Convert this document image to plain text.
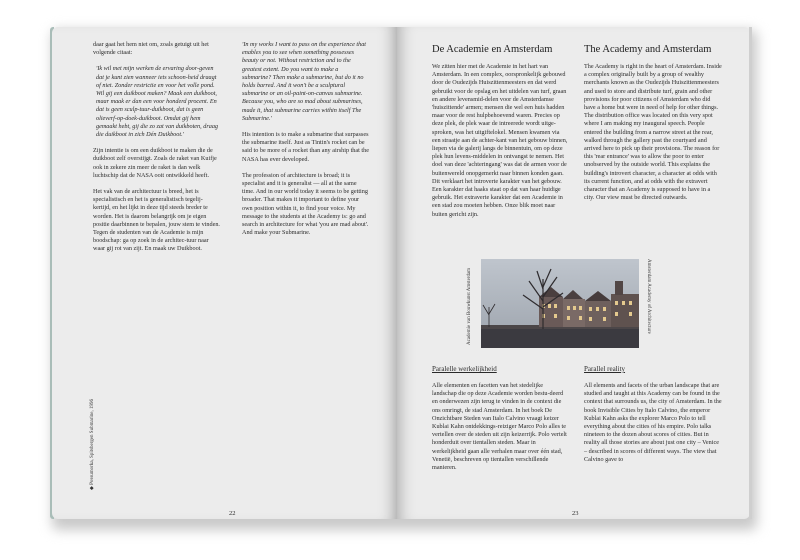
daar gaat het hem niet om, zoals getuigt uit het volgende citaat:

'Ik wil met mijn werken de ervaring door-geven dat je kunt zien wanneer iets schoon-heid draagt of niet. Zonder restrictie en voor het volle pond. Wil gij een duikboot maken? Maak een duikboot, maar maak er dan een voor honderd procent. En dat is geen sculp-tuur-duikboot, dat is geen olieverf-op-doek-duikboot. Omdat gij hem gemaakt hebt, gij die zo zat van duikboten, draag die duikboot in zich Dén Duikboot.'

Zijn intentie is om een duikboot te maken die de duikboot zelf overstijgt. Zoals de raket van Kuifje ook in zekere zin meer de raket is dan welk luchtschip dat de NASA ooit ontwikkeld heeft.

Het vak van de architectuur is breed, het is specialistisch en het is generalistisch tegelij-kertijd, en het lijkt in deze tijd steeds breder te worden. Het is daarom belangrijk om je eigen positie daarbinnen te bepalen, jouw stem te vinden. Tegen de studenten van de Academie is mijn boodschap: ga op zoek in de architec-tuur naar waar gij rot van zijt. En maak uw Duikboot.

'In my works I want to pass on the experience that enables you to see when something possesses beauty or not. Without restriction and to the greatest extent. Do you want to make a submarine? Then make a submarine, but do it no holds barred. And it won't be a sculptural submarine or an oil-paint-on-canvas submarine. Because you, who are so mad about submarines, made it, that submarine carries within itself The Submarine.'

His intention is to make a submarine that surpasses the submarine itself. Just as Tintin's rocket can be said to be more of a rocket than any airship that the NASA has ever developed.

The profession of architecture is broad; it is specialist and it is generalist — all at the same time. And in our world today it seems to be getting broader. That makes it important to define your own position within it, to find your voice. My message to the students at the Academy is: go and search in architecture for what 'you are mad about'. And make your Submarine.

◆ Possumorka, Spitsbergen Submarine, 1996
22
De Academie en Amsterdam	The Academy and Amsterdam

We zitten hier met de Academie in het hart van Amsterdam. In een complex, oorspronkelijk gebouwd door de Oudezijds Huiszittenmeesters en dat werd gebruikt voor de opslag en het uitdelen van turf, graan en andere levensmid-delen voor de Amsterdamse 'huiszittende' armen; mensen die wel een huis hadden maar voor de rest hulpbehoevend waren. Precies op deze plek, de plek waar de intreerede wordt uitge-sproken, was het uitgiftelokel. Mensen kwamen via een straatje aan de achter-kant van het gebouw binnen, liepen via de galerij langs de binnentuin, om op deze plek hun levens-middelen in ontvangst te nemen. Het doel van deze 'achteringang' was dat de armen voor de buitenwereld onopgemerkt naar binnen konden gaan. Dit verklaart het introverte karakter van het gebouw. Een karakter dat haaks staat op dat van haar huidige gebruik. Het extraverte karakter dat een Academie in een stad zou moeten hebben. Onze blik moet naar buiten gericht zijn.

The Academy is right in the heart of Amsterdam. Inside a complex originally built by a group of wealthy merchants known as the Oudezijds Huiszittenmeesters and used to store and distribute turf, grain and other provisions for poor citizens of Amsterdam who did have a home but were in need of help for other things. The distribution office was located on this very spot where I am making my inaugural speech. People entered the building from a narrow street at the rear, walked through the gallery past the courtyard and arrived here to pick up their provisions. The reason for this 'rear entrance' was to allow the poor to enter unobserved by the outside world. This explains the building's introvert character, a character at odds with its current function, and at odds with the extravert character that an Academy is supposed to have in a city. Our view must be directed outwards.

Academie van Bouwkunst Amsterdam	Amsterdam Academy of Architecture
Paralelle werkelijkheid	Parallel reality

Alle elementen en facetten van het stedelijke landschap die op deze Academie worden bestu-deerd en onderwezen zijn terug te vinden in de context die ons omringt, de stad Amsterdam. In het boek De Onzichtbare Steden van Italo Calvino vraagt keizer Kublai Kahn ontdekkings-reiziger Marco Polo alles te vertellen over de steden uit zijn keizerrijk. Polo vertelt honderduit over tientallen steden. Maar in werkelijkheid gaan alle verhalen maar over één stad, Venetië, beschreven op tientallen verschillende manieren.

All elements and facets of the urban landscape that are studied and taught at this Academy can be found in the context that surrounds us, the city of Amsterdam. In the book Invisible Cities by Italo Calvino, the emperor Kublai Kahn asks the explorer Marco Polo to tell everything about the cities of his empire. Polo talks nineteen to the dozen about scores of cities. But in reality all those stories are about just one city – Venice – described in scores of different ways. The view that Calvino gave to

23
